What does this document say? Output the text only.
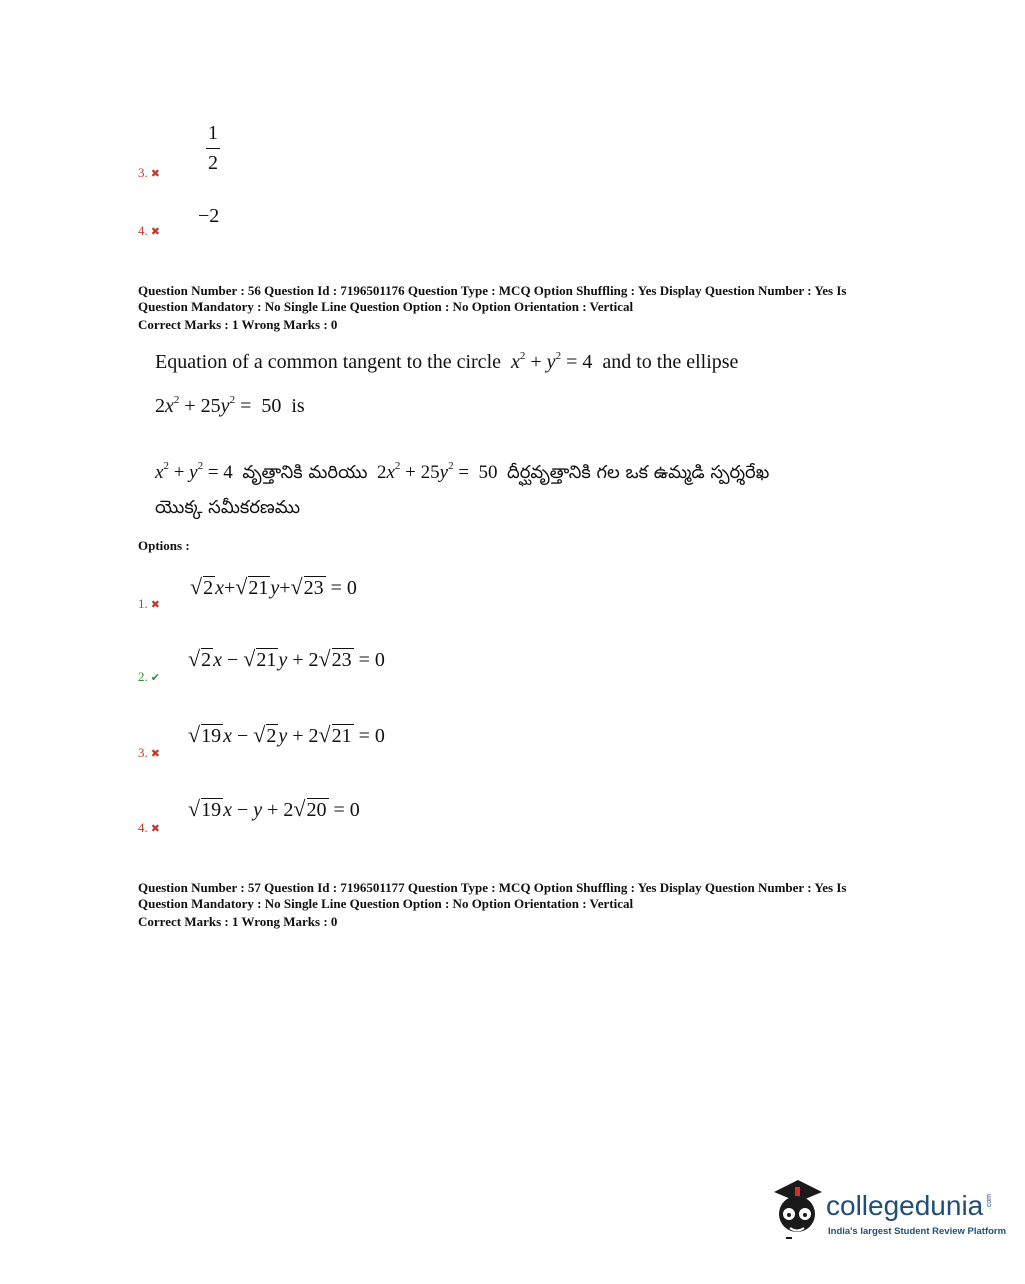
1
2
3. ✖
−2
4. ✖
Question Number : 56 Question Id : 7196501176 Question Type : MCQ Option Shuffling : Yes Display Question Number : Yes Is
Question Mandatory : No Single Line Question Option : No Option Orientation : Vertical
Correct Marks : 1 Wrong Marks : 0
Equation of a common tangent to the circle  $x^2 + y^2 = 4$  and to the ellipse
$2x^2 + 25y^2 = 50$  is
$x^2 + y^2 = 4$  వృత్తానికి మరియు  $2x^2 + 25y^2 = 50$  దీర్ఘవృత్తానికి గల ఒక ఉమ్మడి స్పర్శరేఖ
యొక్క సమీకరణము
Options :
√2 x+√21 y+√23 = 0
1. ✖
√2 x − √21 y + 2√23 = 0
2. ✔
√19 x − √2 y + 2√21 = 0
3. ✖
√19 x − y + 2√20 = 0
4. ✖
Question Number : 57 Question Id : 7196501177 Question Type : MCQ Option Shuffling : Yes Display Question Number : Yes Is
Question Mandatory : No Single Line Question Option : No Option Orientation : Vertical
Correct Marks : 1 Wrong Marks : 0
collegedunia .com
India's largest Student Review Platform
